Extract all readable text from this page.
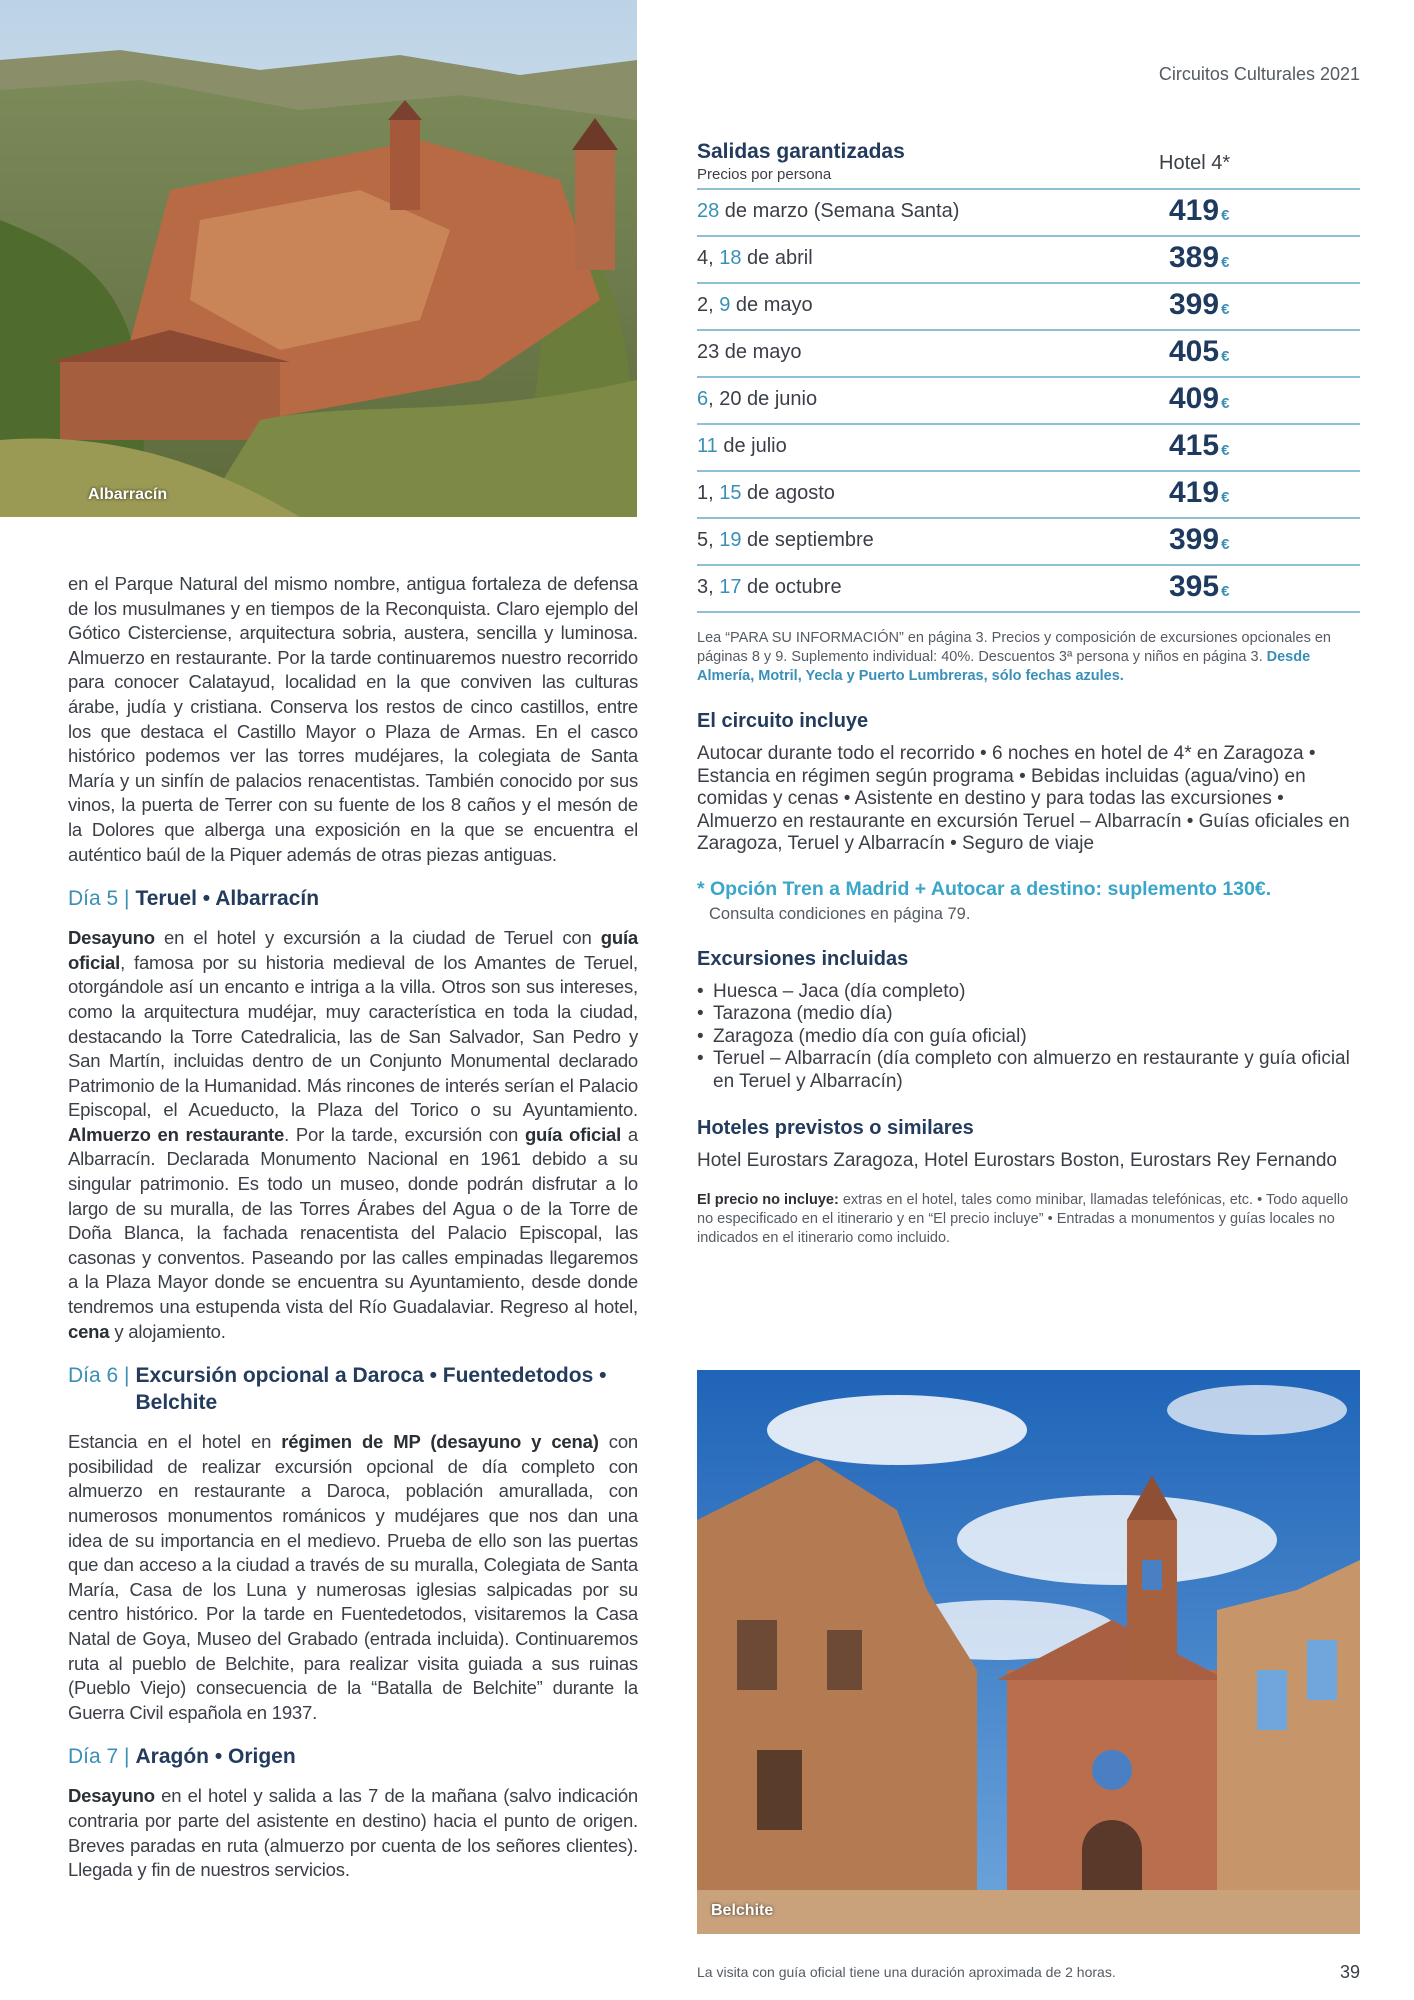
Albarracín
Circuitos Culturales 2021

en el Parque Natural del mismo nombre, antigua fortaleza de defensa de los musulmanes y en tiempos de la Reconquista. Claro ejemplo del Gótico Cisterciense, arquitectura sobria, austera, sencilla y luminosa. Almuerzo en restaurante. Por la tarde continuaremos nuestro recorrido para conocer Calatayud, localidad en la que conviven las culturas árabe, judía y cristiana. Conserva los restos de cinco castillos, entre los que destaca el Castillo Mayor o Plaza de Armas. En el casco histórico podemos ver las torres mudéjares, la colegiata de Santa María y un sinfín de palacios renacentistas. También conocido por sus vinos, la puerta de Terrer con su fuente de los 8 caños y el mesón de la Dolores que alberga una exposición en la que se encuentra el auténtico baúl de la Piquer además de otras piezas antiguas.

Día 5 | Teruel • Albarracín

Desayuno en el hotel y excursión a la ciudad de Teruel con guía oficial, famosa por su historia medieval de los Amantes de Teruel, otorgándole así un encanto e intriga a la villa. Otros son sus intereses, como la arquitectura mudéjar, muy característica en toda la ciudad, destacando la Torre Catedralicia, las de San Salvador, San Pedro y San Martín, incluidas dentro de un Conjunto Monumental declarado Patrimonio de la Humanidad. Más rincones de interés serían el Palacio Episcopal, el Acueducto, la Plaza del Torico o su Ayuntamiento. Almuerzo en restaurante. Por la tarde, excursión con guía oficial a Albarracín. Declarada Monumento Nacional en 1961 debido a su singular patrimonio. Es todo un museo, donde podrán disfrutar a lo largo de su muralla, de las Torres Árabes del Agua o de la Torre de Doña Blanca, la fachada renacentista del Palacio Episcopal, las casonas y conventos. Paseando por las calles empinadas llegaremos a la Plaza Mayor donde se encuentra su Ayuntamiento, desde donde tendremos una estupenda vista del Río Guadalaviar. Regreso al hotel, cena y alojamiento.

Día 6 | Excursión opcional a Daroca • Fuentedetodos • Belchite

Estancia en el hotel en régimen de MP (desayuno y cena) con posibilidad de realizar excursión opcional de día completo con almuerzo en restaurante a Daroca, población amurallada, con numerosos monumentos románicos y mudéjares que nos dan una idea de su importancia en el medievo. Prueba de ello son las puertas que dan acceso a la ciudad a través de su muralla, Colegiata de Santa María, Casa de los Luna y numerosas iglesias salpicadas por su centro histórico. Por la tarde en Fuentedetodos, visitaremos la Casa Natal de Goya, Museo del Grabado (entrada incluida). Continuaremos ruta al pueblo de Belchite, para realizar visita guiada a sus ruinas (Pueblo Viejo) consecuencia de la “Batalla de Belchite” durante la Guerra Civil española en 1937.

Día 7 | Aragón • Origen

Desayuno en el hotel y salida a las 7 de la mañana (salvo indicación contraria por parte del asistente en destino) hacia el punto de origen. Breves paradas en ruta (almuerzo por cuenta de los señores clientes). Llegada y fin de nuestros servicios.

Salidas garantizadas
Precios por persona
Hotel 4*
28 de marzo (Semana Santa)	419 €
4, 18 de abril	389 €
2, 9 de mayo	399 €
23 de mayo	405 €
6, 20 de junio	409 €
11 de julio	415 €
1, 15 de agosto	419 €
5, 19 de septiembre	399 €
3, 17 de octubre	395 €
Lea “PARA SU INFORMACIÓN” en página 3. Precios y composición de excursiones opcionales en páginas 8 y 9. Suplemento individual: 40%. Descuentos 3ª persona y niños en página 3. Desde Almería, Motril, Yecla y Puerto Lumbreras, sólo fechas azules.
El circuito incluye
Autocar durante todo el recorrido • 6 noches en hotel de 4* en Zaragoza • Estancia en régimen según programa • Bebidas incluidas (agua/vino) en comidas y cenas • Asistente en destino y para todas las excursiones • Almuerzo en restaurante en excursión Teruel – Albarracín • Guías oficiales en Zaragoza, Teruel y Albarracín • Seguro de viaje
* Opción Tren a Madrid + Autocar a destino: suplemento 130€.
Consulta condiciones en página 79.
Excursiones incluidas
• Huesca – Jaca (día completo)
• Tarazona (medio día)
• Zaragoza (medio día con guía oficial)
• Teruel – Albarracín (día completo con almuerzo en restaurante y guía oficial en Teruel y Albarracín)
Hoteles previstos o similares
Hotel Eurostars Zaragoza, Hotel Eurostars Boston, Eurostars Rey Fernando
El precio no incluye: extras en el hotel, tales como minibar, llamadas telefónicas, etc. • Todo aquello no especificado en el itinerario y en “El precio incluye” • Entradas a monumentos y guías locales no indicados en el itinerario como incluido.
Belchite
La visita con guía oficial tiene una duración aproximada de 2 horas.	39
